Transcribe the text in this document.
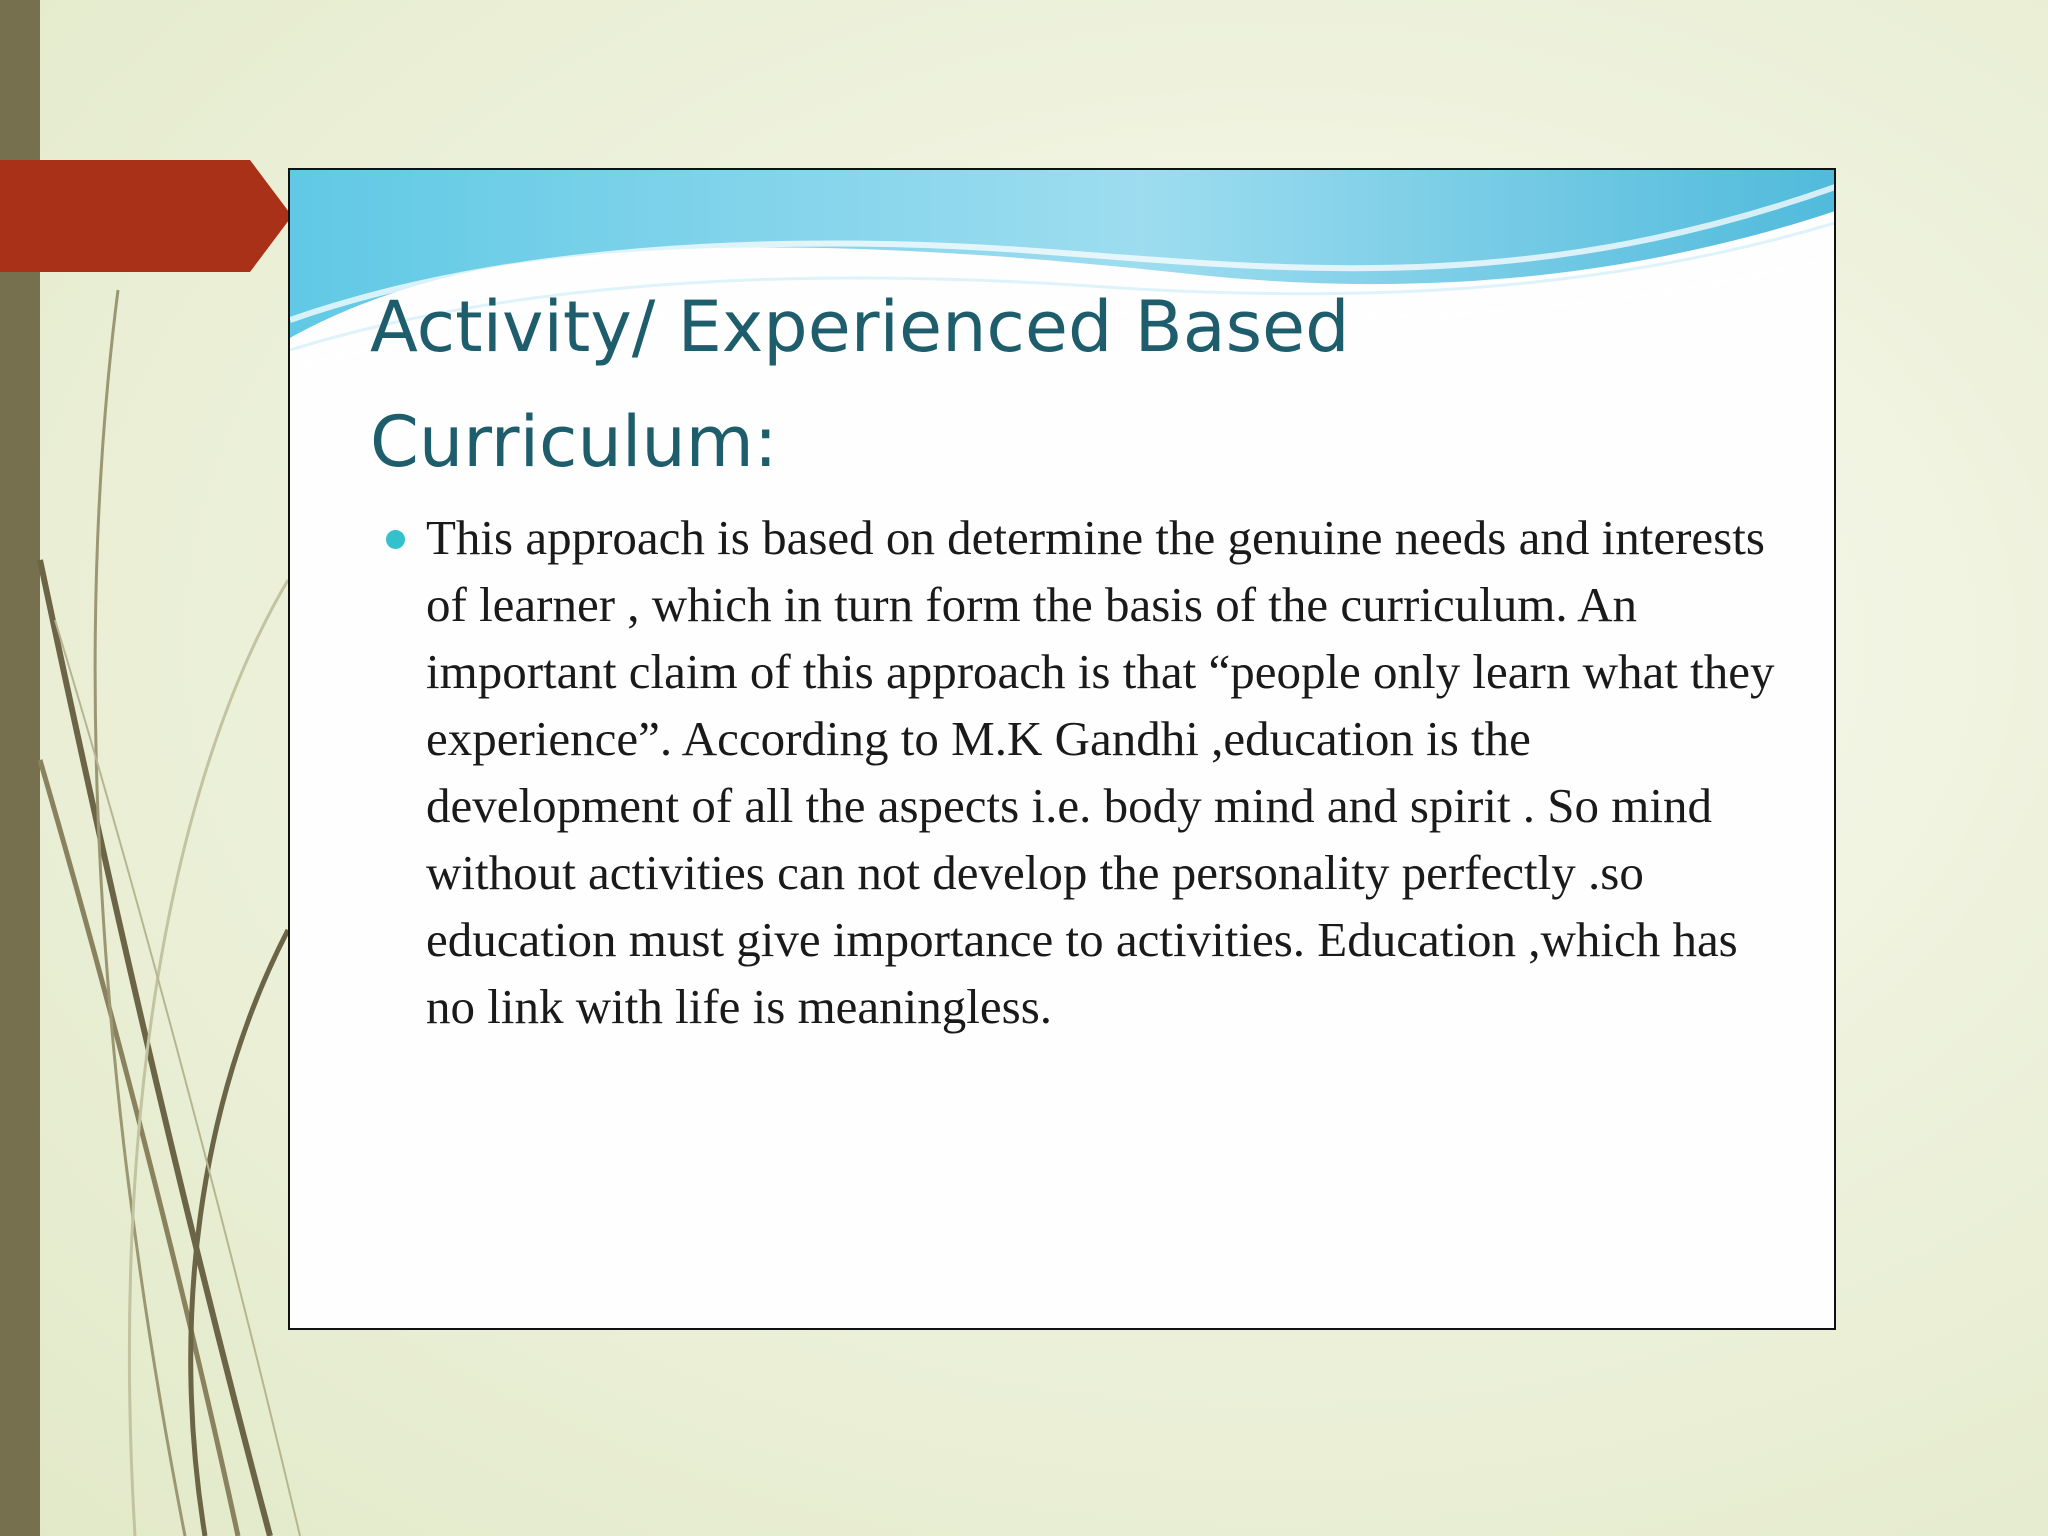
Activity/ Experienced Based Curriculum:
This approach is based on determine the genuine needs and interests of learner , which in turn form the basis of the curriculum. An important claim of this approach is that “people only learn what they experience”. According to M.K Gandhi ,education is the development of all the aspects i.e. body mind and spirit . So mind without activities can not develop the personality perfectly .so education must give importance to activities. Education ,which has no link with life is meaningless.
